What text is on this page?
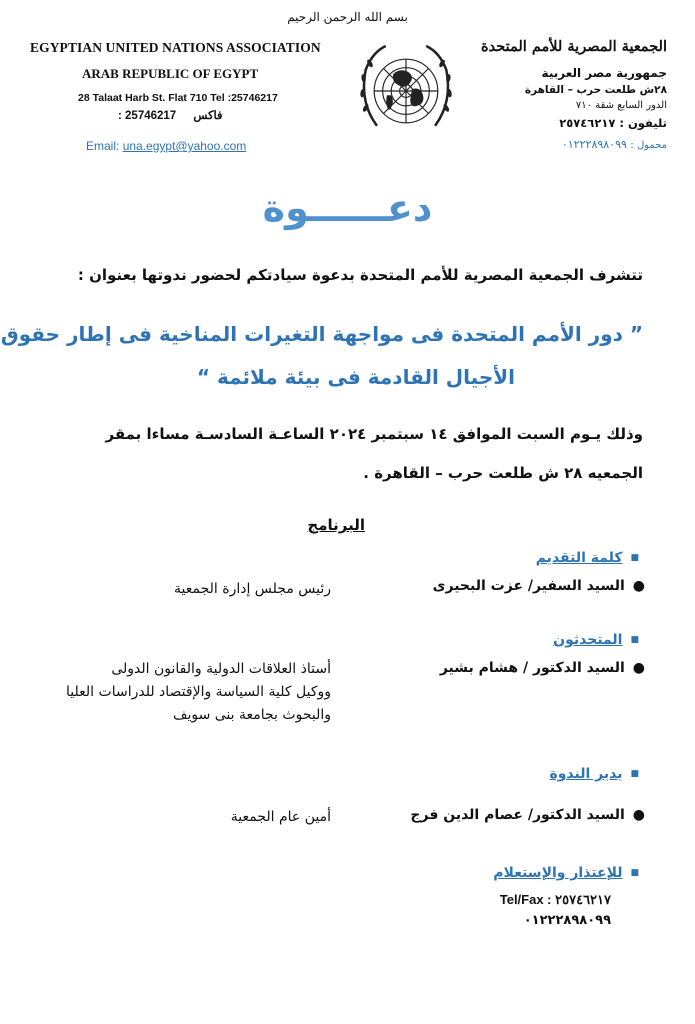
بسم الله الرحمن الرحيم
EGYPTIAN UNITED NATIONS ASSOCIATION
ARAB REPUBLIC OF EGYPT
28 Talaat Harb St. Flat 710 Tel :25746217
: 25746217 فاكس
Email: una.egypt@yahoo.com
الجمعية المصرية للأمم المتحدة
جمهورية مصر العربية
٢٨ش طلعت حرب – القاهرة
الدور السابع شقة ٧١٠
تليفون : ٢٥٧٤٦٢١٧
محمول : ٠١٢٢٢٨٩٨٠٩٩
دعــــــوة
تتشرف الجمعية المصرية للأمم المتحدة بدعوة سيادتكم لحضور ندوتها بعنوان :
” دور الأمم المتحدة فى مواجهة التغيرات المناخية فى إطار حقوق
الأجيال القادمة فى بيئة ملائمة “
وذلك يـوم السبت الموافق ١٤ سبتمبر ٢٠٢٤ الساعـة السادسـة مساءا بمقر
الجمعيه ٢٨ ش طلعت حرب – القاهرة .
البرنامج
■
كلمة التقديم
●
السيد السفير/ عزت البحيرى
رئيس مجلس إدارة الجمعية
■
المتحدثون
●
السيد الدكتور / هشام بشير
أستاذ العلاقات الدولية والقانون الدولى
ووكيل كلية السياسة والإقتصاد للدراسات العليا
والبحوث بجامعة بنى سويف
■
يدير الندوة
●
السيد الدكتور/ عصام الدين فرج
أمين عام الجمعية
■
للإعتذار والإستعلام
Tel/Fax : ٢٥٧٤٦٢١٧
٠١٢٢٢٨٩٨٠٩٩
